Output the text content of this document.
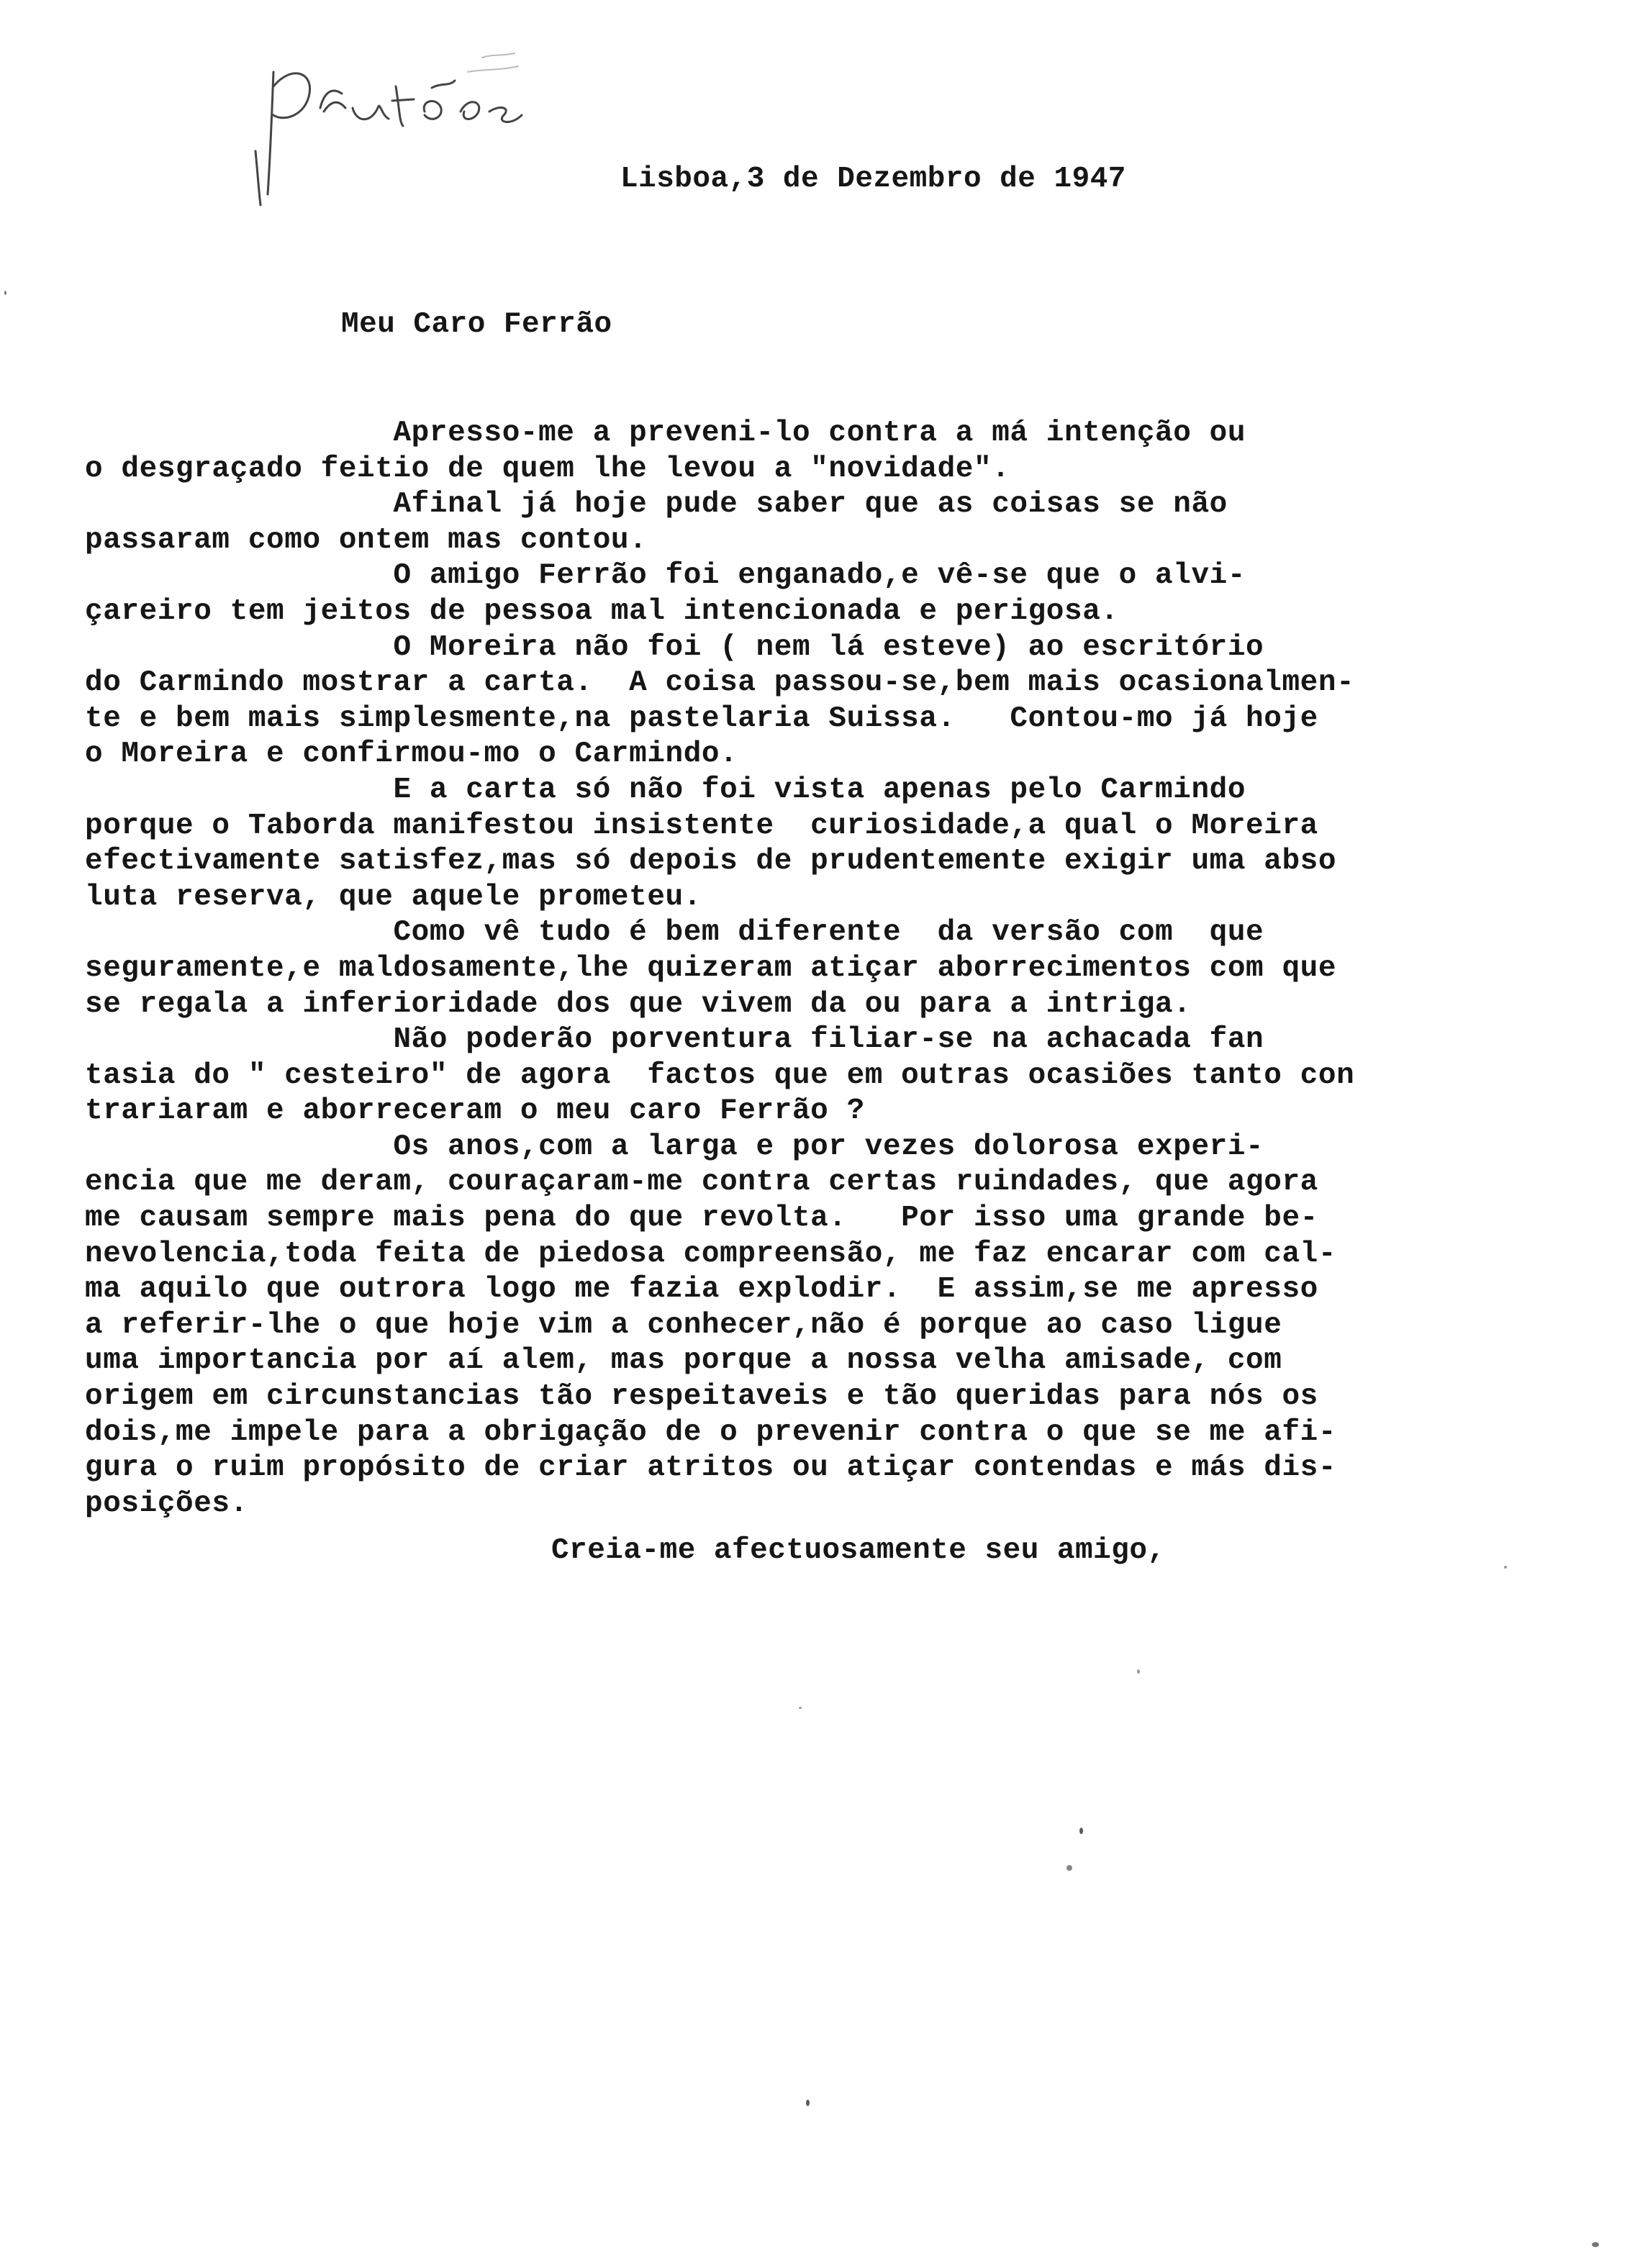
Lisboa,3 de Dezembro de 1947
Meu Caro Ferrão
Apresso-me a preveni-lo contra a má intenção ou
o desgraçado feitio de quem lhe levou a "novidade".
Afinal já hoje pude saber que as coisas se não
passaram como ontem mas contou.
O amigo Ferrão foi enganado,e vê-se que o alvi-
çareiro tem jeitos de pessoa mal intencionada e perigosa.
O Moreira não foi ( nem lá esteve) ao escritório
do Carmindo mostrar a carta.  A coisa passou-se,bem mais ocasionalmen-
te e bem mais simplesmente,na pastelaria Suissa.   Contou-mo já hoje
o Moreira e confirmou-mo o Carmindo.
E a carta só não foi vista apenas pelo Carmindo
porque o Taborda manifestou insistente  curiosidade,a qual o Moreira
efectivamente satisfez,mas só depois de prudentemente exigir uma abso
luta reserva, que aquele prometeu.
Como vê tudo é bem diferente  da versão com  que
seguramente,e maldosamente,lhe quizeram atiçar aborrecimentos com que
se regala a inferioridade dos que vivem da ou para a intriga.
Não poderão porventura filiar-se na achacada fan
tasia do " cesteiro" de agora  factos que em outras ocasiões tanto con
trariaram e aborreceram o meu caro Ferrão ?
Os anos,com a larga e por vezes dolorosa experi-
encia que me deram, couraçaram-me contra certas ruindades, que agora
me causam sempre mais pena do que revolta.   Por isso uma grande be-
nevolencia,toda feita de piedosa compreensão, me faz encarar com cal-
ma aquilo que outrora logo me fazia explodir.  E assim,se me apresso
a referir-lhe o que hoje vim a conhecer,não é porque ao caso ligue
uma importancia por aí alem, mas porque a nossa velha amisade, com
origem em circunstancias tão respeitaveis e tão queridas para nós os
dois,me impele para a obrigação de o prevenir contra o que se me afi-
gura o ruim propósito de criar atritos ou atiçar contendas e más dis-
posições.
Creia-me afectuosamente seu amigo,
